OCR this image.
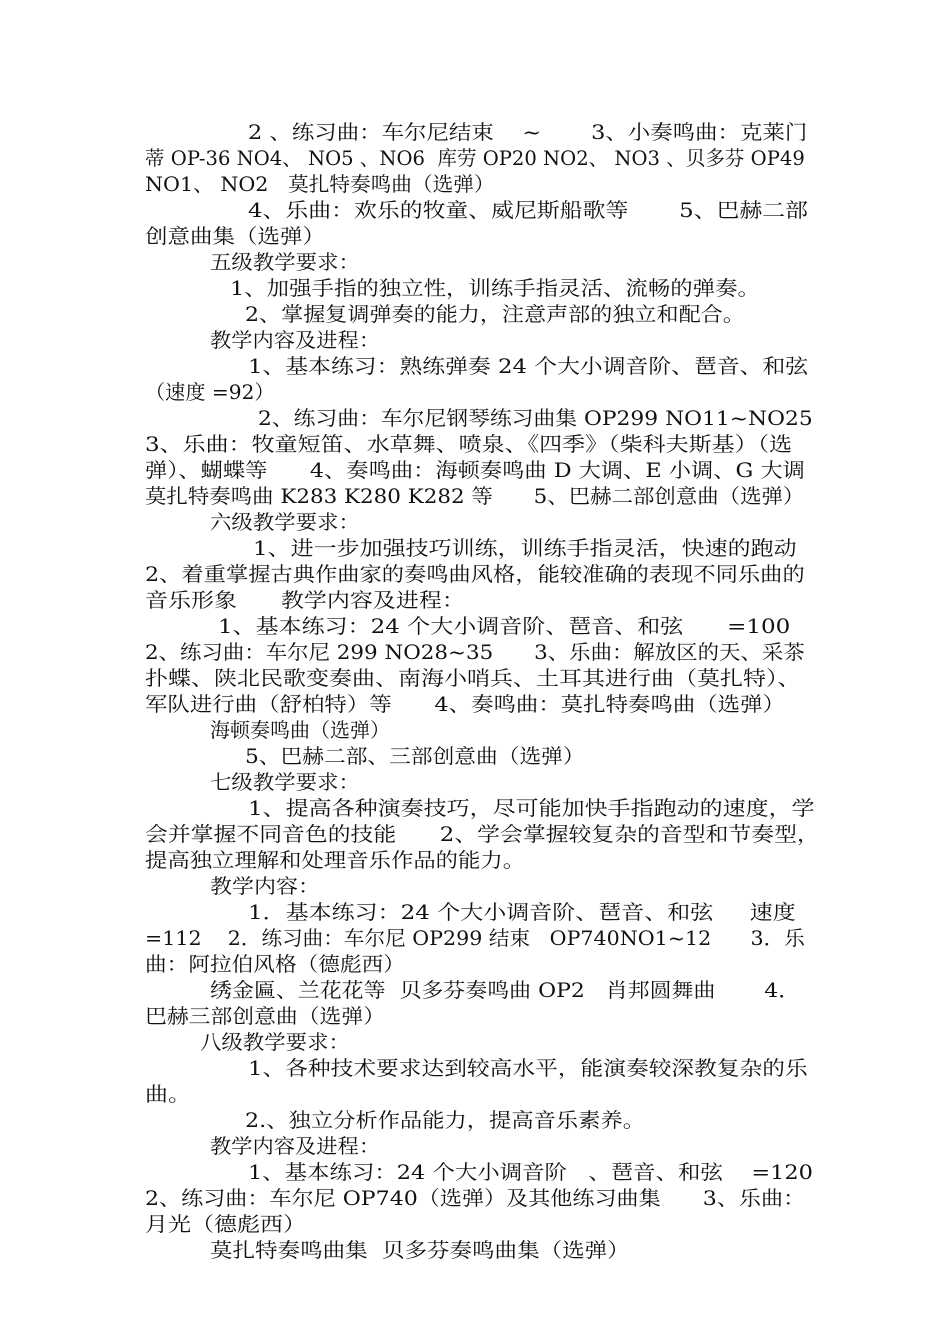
2 、练习曲：车尔尼结束    ~       3、小奏鸣曲：克莱门
蒂 OP-36 NO4、 NO5 、NO6  库劳 OP20 NO2、 NO3 、贝多芬 OP49
NO1、 NO2   莫扎特奏鸣曲（选弹）
4、乐曲：欢乐的牧童、威尼斯船歌等       5、巴赫二部
创意曲集（选弹）
五级教学要求：
1、加强手指的独立性，训练手指灵活、流畅的弹奏。
2、掌握复调弹奏的能力，注意声部的独立和配合。
教学内容及进程：
1、基本练习：熟练弹奏 24 个大小调音阶、琶音、和弦
（速度 =92）
2、练习曲：车尔尼钢琴练习曲集 OP299 NO11~NO25
3、乐曲：牧童短笛、水草舞、喷泉、《四季》（柴科夫斯基）（选
弹）、蝴蝶等      4、奏鸣曲：海顿奏鸣曲 D 大调、E 小调、G 大调
莫扎特奏鸣曲 K283 K280 K282 等      5、巴赫二部创意曲（选弹）
六级教学要求：
1、进一步加强技巧训练，训练手指灵活，快速的跑动
2、着重掌握古典作曲家的奏鸣曲风格，能较准确的表现不同乐曲的
音乐形象      教学内容及进程：
1、基本练习：24 个大小调音阶、琶音、和弦      =100
2、练习曲：车尔尼 299 NO28~35      3、乐曲：解放区的天、采茶
扑蝶、陕北民歌变奏曲、南海小哨兵、土耳其进行曲（莫扎特）、
军队进行曲（舒柏特）等      4、奏鸣曲：莫扎特奏鸣曲（选弹）
海顿奏鸣曲（选弹）
5、巴赫二部、三部创意曲（选弹）
七级教学要求：
1、提高各种演奏技巧，尽可能加快手指跑动的速度，学
会并掌握不同音色的技能      2、学会掌握较复杂的音型和节奏型，
提高独立理解和处理音乐作品的能力。
教学内容：
1．基本练习：24 个大小调音阶、琶音、和弦     速度
=112    2．练习曲：车尔尼 OP299 结束   OP740NO1~12      3．乐
曲：阿拉伯风格（德彪西）
绣金匾、兰花花等  贝多芬奏鸣曲 OP2   肖邦圆舞曲       4．
巴赫三部创意曲（选弹）
八级教学要求：
1、各种技术要求达到较高水平，能演奏较深教复杂的乐
曲。
2.、独立分析作品能力，提高音乐素养。
教学内容及进程：
1、基本练习：24 个大小调音阶   、琶音、和弦    =120
2、练习曲：车尔尼 OP740（选弹）及其他练习曲集      3、乐曲：
月光（德彪西）
莫扎特奏鸣曲集  贝多芬奏鸣曲集（选弹）
